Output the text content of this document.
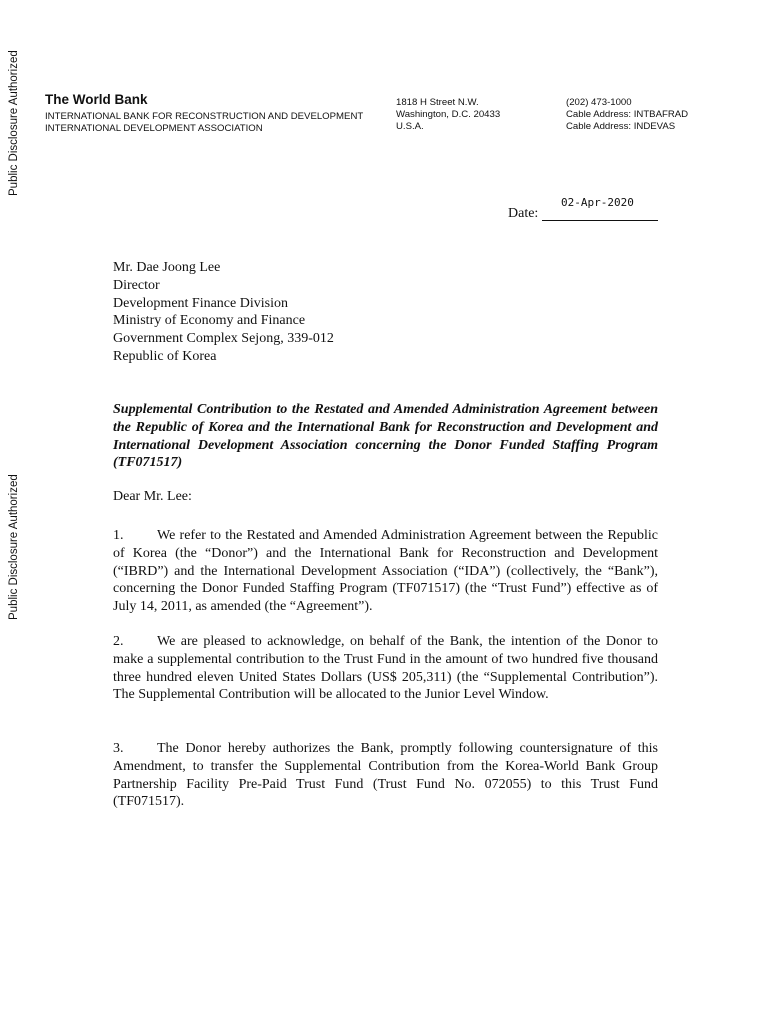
Public Disclosure Authorized
Public Disclosure Authorized
The World Bank
INTERNATIONAL BANK FOR RECONSTRUCTION AND DEVELOPMENT
INTERNATIONAL DEVELOPMENT ASSOCIATION
1818 H Street N.W.
Washington, D.C. 20433
U.S.A.
(202) 473-1000
Cable Address: INTBAFRAD
Cable Address: INDEVAS
02-Apr-2020
Date:
Mr. Dae Joong Lee
Director
Development Finance Division
Ministry of Economy and Finance
Government Complex Sejong, 339-012
Republic of Korea
Supplemental Contribution to the Restated and Amended Administration Agreement between the Republic of Korea and the International Bank for Reconstruction and Development and International Development Association concerning the Donor Funded Staffing Program (TF071517)
Dear Mr. Lee:
1. We refer to the Restated and Amended Administration Agreement between the Republic of Korea (the “Donor”) and the International Bank for Reconstruction and Development (“IBRD”) and the International Development Association (“IDA”) (collectively, the “Bank”), concerning the Donor Funded Staffing Program (TF071517) (the “Trust Fund”) effective as of July 14, 2011, as amended (the “Agreement”).
2. We are pleased to acknowledge, on behalf of the Bank, the intention of the Donor to make a supplemental contribution to the Trust Fund in the amount of two hundred five thousand three hundred eleven United States Dollars (US$ 205,311) (the “Supplemental Contribution”). The Supplemental Contribution will be allocated to the Junior Level Window.
3. The Donor hereby authorizes the Bank, promptly following countersignature of this Amendment, to transfer the Supplemental Contribution from the Korea-World Bank Group Partnership Facility Pre-Paid Trust Fund (Trust Fund No. 072055) to this Trust Fund (TF071517).
